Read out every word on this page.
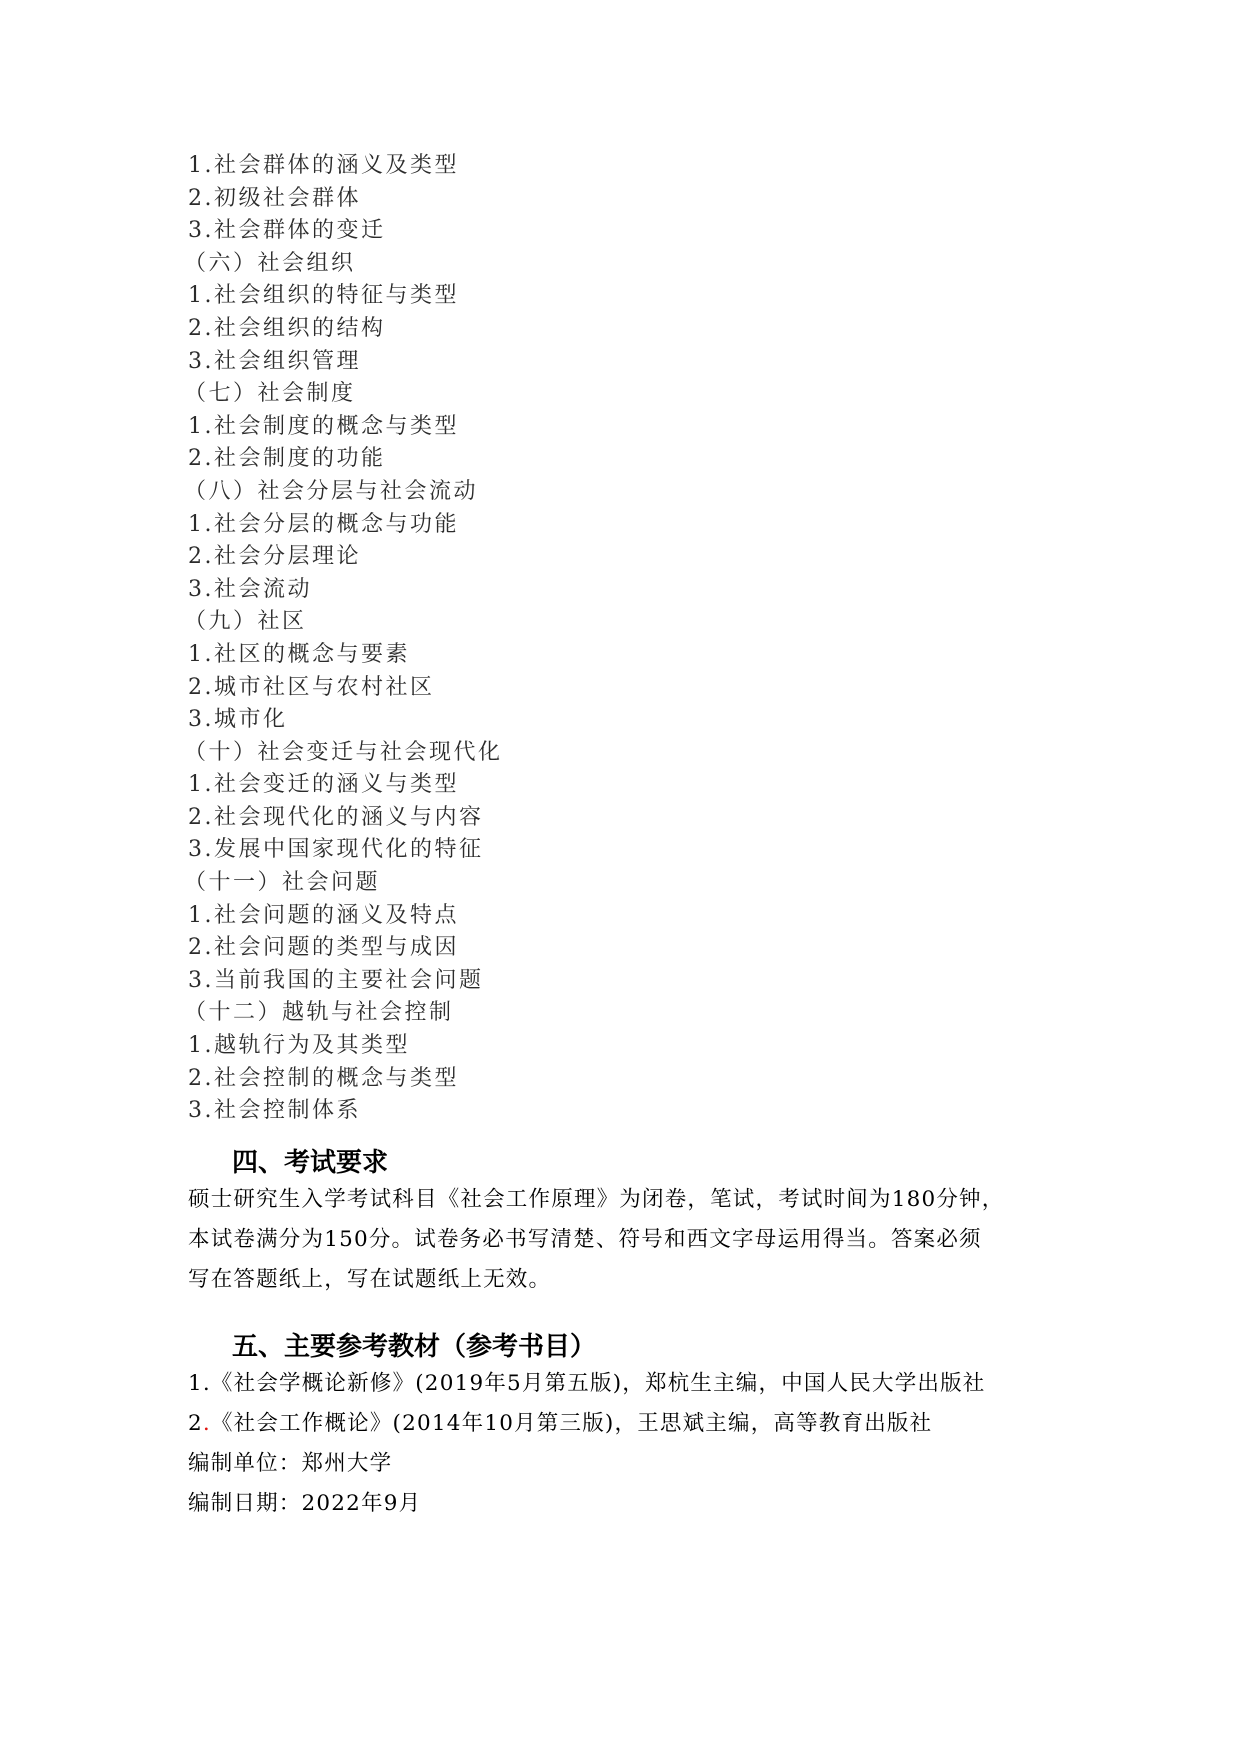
1.社会群体的涵义及类型
2.初级社会群体
3.社会群体的变迁
（六）社会组织
1.社会组织的特征与类型
2.社会组织的结构
3.社会组织管理
（七）社会制度
1.社会制度的概念与类型
2.社会制度的功能
（八）社会分层与社会流动
1.社会分层的概念与功能
2.社会分层理论
3.社会流动
（九）社区
1.社区的概念与要素
2.城市社区与农村社区
3.城市化
（十）社会变迁与社会现代化
1.社会变迁的涵义与类型
2.社会现代化的涵义与内容
3.发展中国家现代化的特征
（十一）社会问题
1.社会问题的涵义及特点
2.社会问题的类型与成因
3.当前我国的主要社会问题
（十二）越轨与社会控制
1.越轨行为及其类型
2.社会控制的概念与类型
3.社会控制体系
四、考试要求

硕士研究生入学考试科目《社会工作原理》为闭卷，笔试，考试时间为180分钟，

本试卷满分为150分。试卷务必书写清楚、符号和西文字母运用得当。答案必须

写在答题纸上，写在试题纸上无效。

五、主要参考教材（参考书目）

1.《社会学概论新修》(2019年5月第五版)，郑杭生主编，中国人民大学出版社

2.《社会工作概论》(2014年10月第三版)，王思斌主编，高等教育出版社

编制单位：郑州大学

编制日期：2022年9月
